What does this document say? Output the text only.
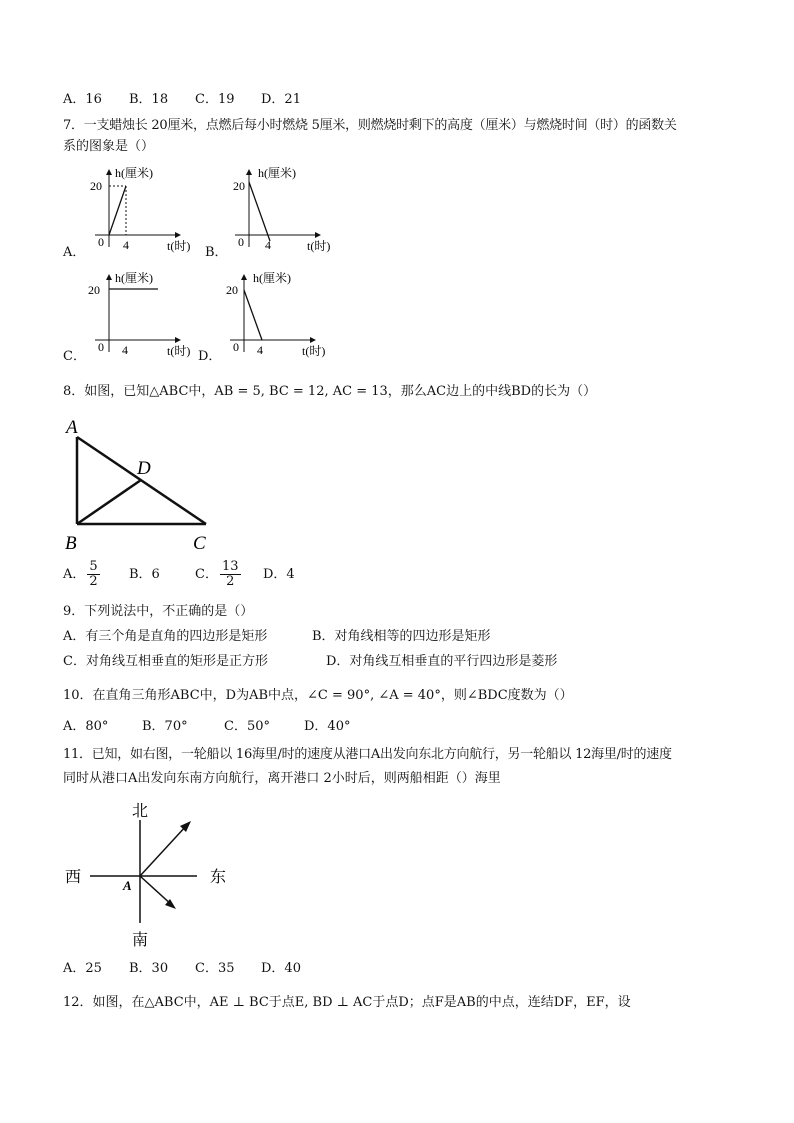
A．16 B．18 C．19 D．21
7．一支蜡烛长 20厘米，点燃后每小时燃烧 5厘米，则燃烧时剩下的高度（厘米）与燃烧时间（时）的函数关
系的图象是（）
A．
h(厘米)
20
0 4	t(时) B．
h(厘米)
20
0 4	t(时)
C．
h(厘米)
20
0 4	t(时) D．
h(厘米)
20
0 4	t(时)
8．如图，已知△ABC中，AB = 5, BC = 12, AC = 13，那么AC边上的中线BD的长为（）
A
D
B	C
A． $\frac{5}{2}$ B．6	C． $\frac{13}{2}$ D．4
9．下列说法中，不正确的是（）
A．有三个角是直角的四边形是矩形	B．对角线相等的四边形是矩形
C．对角线互相垂直的矩形是正方形	D．对角线互相垂直的平行四边形是菱形
10．在直角三角形ABC中，D为AB中点，∠C = 90°, ∠A = 40°，则∠BDC度数为（）
A．80°	B．70°	C．50°	D．40°
11．已知，如右图，一轮船以 16海里/时的速度从港口A出发向东北方向航行，另一轮船以 12海里/时的速度
同时从港口A出发向东南方向航行，离开港口 2小时后，则两船相距（）海里
北
西	东
A
南
A．25 B．30 C．35 D．40
12．如图，在△ABC中，AE ⊥ BC于点E, BD ⊥ AC于点D；点F是AB的中点，连结DF，EF，设
